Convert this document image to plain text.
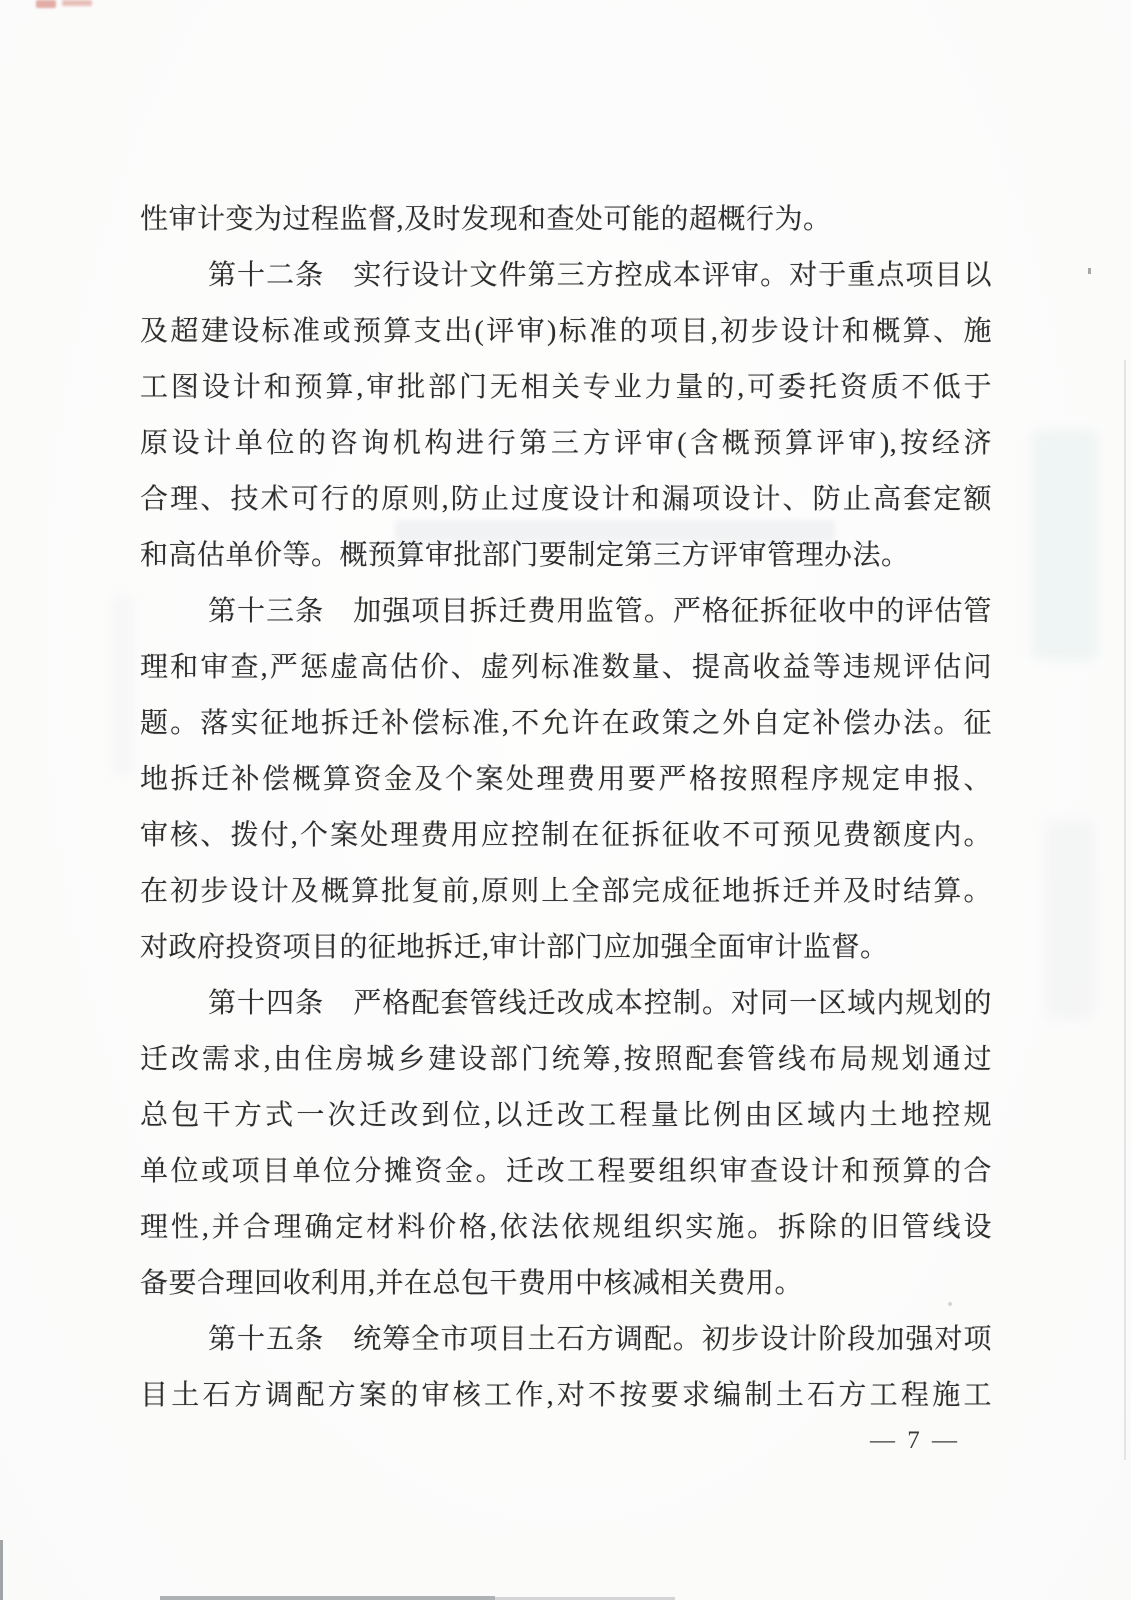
性审计变为过程监督,及时发现和查处可能的超概行为。
第十二条　实行设计文件第三方控成本评审。对于重点项目以
及超建设标准或预算支出(评审)标准的项目,初步设计和概算、施
工图设计和预算,审批部门无相关专业力量的,可委托资质不低于
原设计单位的咨询机构进行第三方评审(含概预算评审),按经济
合理、技术可行的原则,防止过度设计和漏项设计、防止高套定额
和高估单价等。概预算审批部门要制定第三方评审管理办法。
第十三条　加强项目拆迁费用监管。严格征拆征收中的评估管
理和审查,严惩虚高估价、虚列标准数量、提高收益等违规评估问
题。落实征地拆迁补偿标准,不允许在政策之外自定补偿办法。征
地拆迁补偿概算资金及个案处理费用要严格按照程序规定申报、
审核、拨付,个案处理费用应控制在征拆征收不可预见费额度内。
在初步设计及概算批复前,原则上全部完成征地拆迁并及时结算。
对政府投资项目的征地拆迁,审计部门应加强全面审计监督。
第十四条　严格配套管线迁改成本控制。对同一区域内规划的
迁改需求,由住房城乡建设部门统筹,按照配套管线布局规划通过
总包干方式一次迁改到位,以迁改工程量比例由区域内土地控规
单位或项目单位分摊资金。迁改工程要组织审查设计和预算的合
理性,并合理确定材料价格,依法依规组织实施。拆除的旧管线设
备要合理回收利用,并在总包干费用中核减相关费用。
第十五条　统筹全市项目土石方调配。初步设计阶段加强对项
目土石方调配方案的审核工作,对不按要求编制土石方工程施工
— 7 —
